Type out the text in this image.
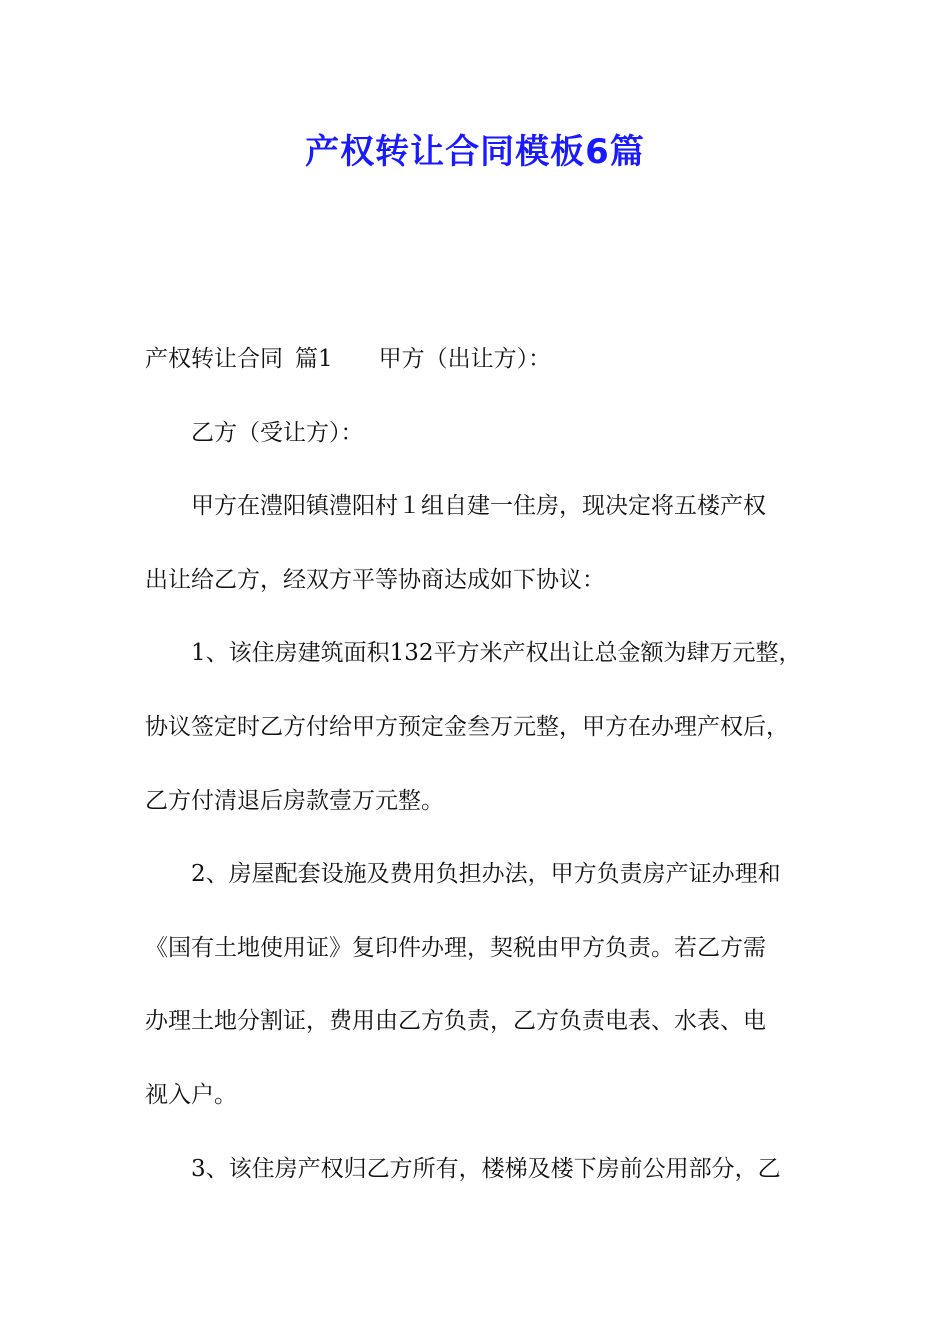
产权转让合同模板6篇
产权转让合同 篇1 甲方（出让方）：
乙方（受让方）：
甲方在澧阳镇澧阳村１组自建一住房，现决定将五楼产权
出让给乙方，经双方平等协商达成如下协议：
1、该住房建筑面积132平方米产权出让总金额为肆万元整，
协议签定时乙方付给甲方预定金叁万元整，甲方在办理产权后，
乙方付清退后房款壹万元整。
2、房屋配套设施及费用负担办法，甲方负责房产证办理和
《国有土地使用证》复印件办理，契税由甲方负责。若乙方需
办理土地分割证，费用由乙方负责，乙方负责电表、水表、电
视入户。
3、该住房产权归乙方所有，楼梯及楼下房前公用部分，乙
